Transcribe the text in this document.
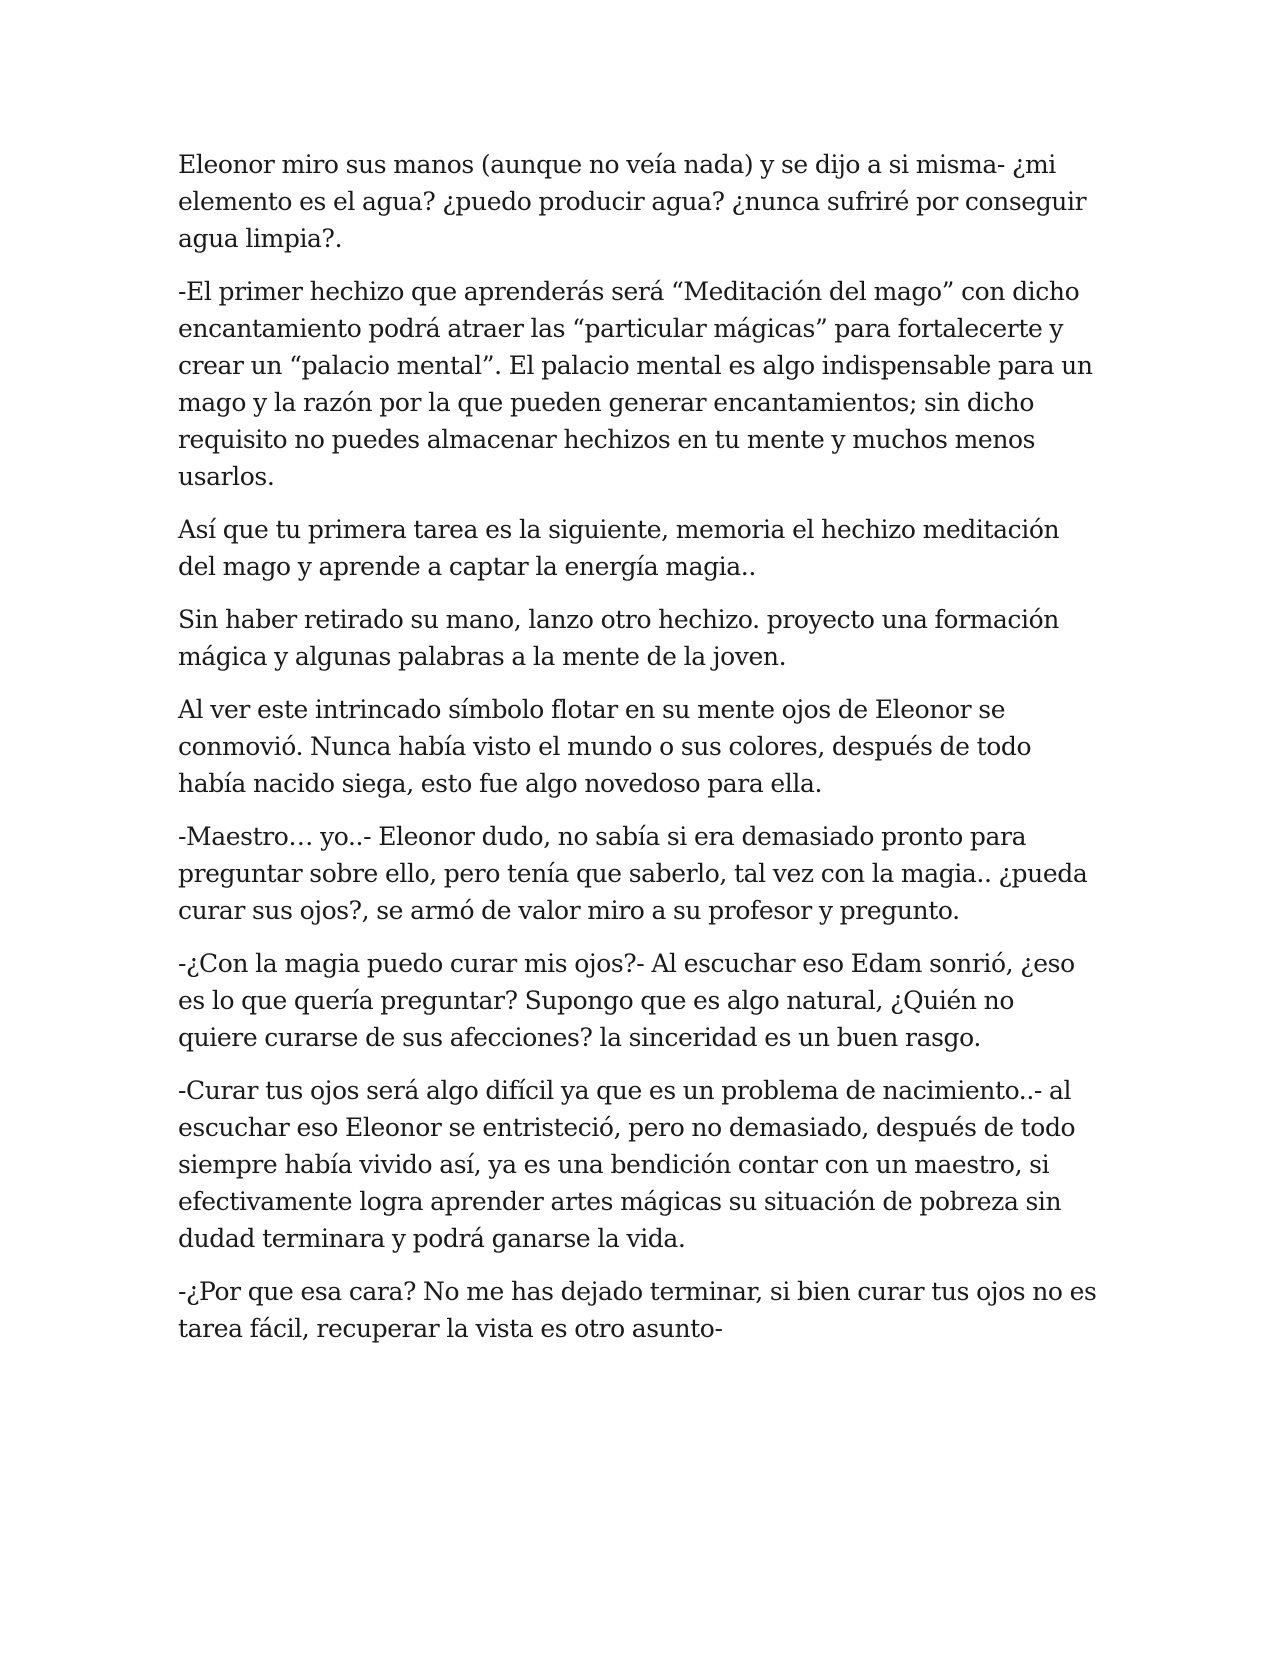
Eleonor miro sus manos (aunque no veía nada) y se dijo a si misma- ¿mi elemento es el agua? ¿puedo producir agua? ¿nunca sufriré por conseguir agua limpia?.

-El primer hechizo que aprenderás será “Meditación del mago” con dicho encantamiento podrá atraer las “particular mágicas” para fortalecerte y crear un “palacio mental”. El palacio mental es algo indispensable para un mago y la razón por la que pueden generar encantamientos; sin dicho requisito no puedes almacenar hechizos en tu mente y muchos menos usarlos.

Así que tu primera tarea es la siguiente, memoria el hechizo meditación del mago y aprende a captar la energía magia..

Sin haber retirado su mano, lanzo otro hechizo. proyecto una formación mágica y algunas palabras a la mente de la joven.

Al ver este intrincado símbolo flotar en su mente ojos de Eleonor se conmovió. Nunca había visto el mundo o sus colores, después de todo había nacido siega, esto fue algo novedoso para ella.

-Maestro… yo..- Eleonor dudo, no sabía si era demasiado pronto para preguntar sobre ello, pero tenía que saberlo, tal vez con la magia.. ¿pueda curar sus ojos?, se armó de valor miro a su profesor y pregunto.

-¿Con la magia puedo curar mis ojos?- Al escuchar eso Edam sonrió, ¿eso es lo que quería preguntar? Supongo que es algo natural, ¿Quién no quiere curarse de sus afecciones? la sinceridad es un buen rasgo.

-Curar tus ojos será algo difícil ya que es un problema de nacimiento..- al escuchar eso Eleonor se entristeció, pero no demasiado, después de todo siempre había vivido así, ya es una bendición contar con un maestro, si efectivamente logra aprender artes mágicas su situación de pobreza sin dudad terminara y podrá ganarse la vida.

-¿Por que esa cara? No me has dejado terminar, si bien curar tus ojos no es tarea fácil, recuperar la vista es otro asunto-
